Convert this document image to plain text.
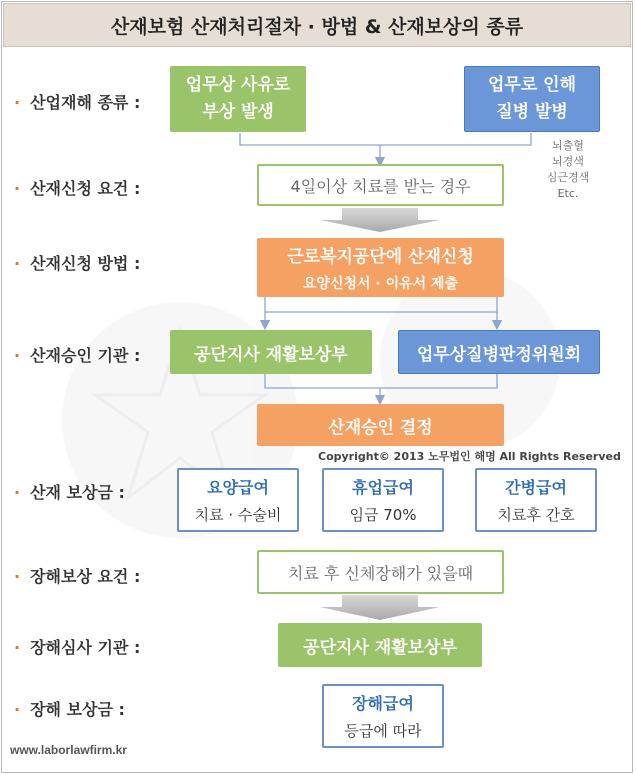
산재보험 산재처리절차 · 방법 & 산재보상의 종류
· 산업재해 종류 :
· 산재신청 요건 :
· 산재신청 방법 :
· 산재승인 기관 :
· 산재 보상금 :
· 장해보상 요건 :
· 장해심사 기관 :
· 장해 보상금 :
업무상 사유로
부상 발생
업무로 인해
질병 발병
뇌출혈
뇌경색
심근경색
Etc.
4일이상 치료를 받는 경우
근로복지공단에 산재신청
요양신청서 · 이유서 제출
공단지사 재활보상부	업무상질병판정위원회
산재승인 결정
Copyright© 2013 노무법인 해명 All Rights Reserved
요양급여
치료 · 수술비
휴업급여
임금 70%
간병급여
치료후 간호
치료 후 신체장해가 있을때
공단지사 재활보상부
장해급여
등급에 따라
www.laborlawfirm.kr
